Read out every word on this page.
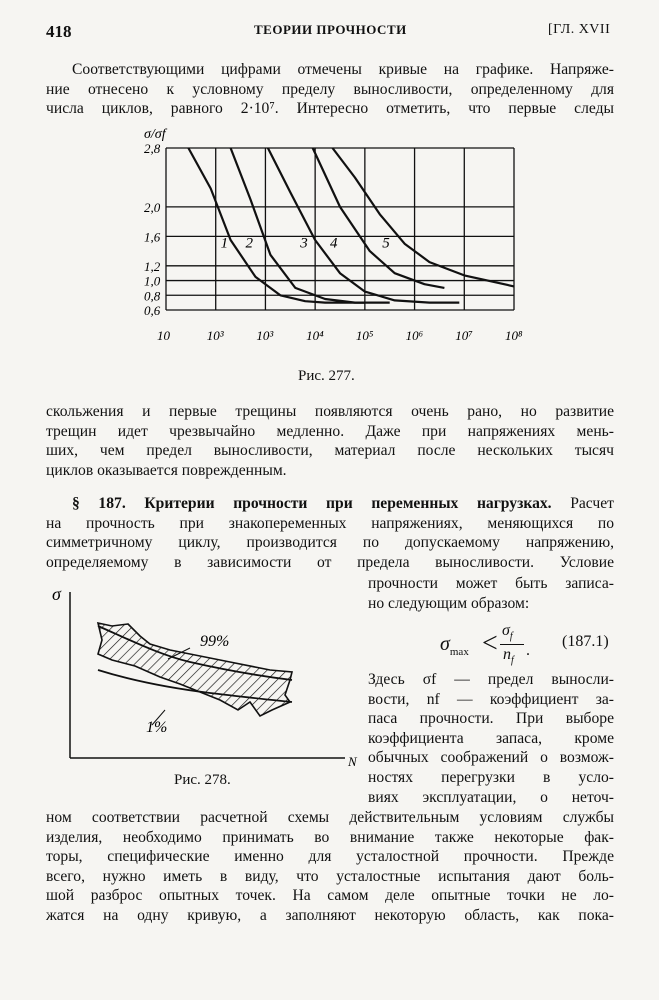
418	ТЕОРИИ ПРОЧНОСТИ	[ГЛ. XVII
Соответствующими цифрами отмечены кривые на графике. Напряже-
ние отнесено к условному пределу выносливости, определенному для
числа циклов, равного 2·10⁷. Интересно отметить, что первые следы
2,8
2,0
1,6
1,2
1,0
0,8
0,6
10	10³	10³	10⁴ 10⁵ 10⁶ 10⁷ 10⁸
σ/σf
1 2	3 4	5
Рис. 277.
скольжения и первые трещины появляются очень рано, но развитие
трещин идет чрезвычайно медленно. Даже при напряжениях мень-
ших, чем предел выносливости, материал после нескольких тысяч
циклов оказывается поврежденным.
§ 187. Критерии прочности при переменных нагрузках. Расчет
на прочность при знакопеременных напряжениях, меняющихся по
симметричному циклу, производится по допускаемому напряжению,
определяемому в зависимости от предела выносливости. Условие
σ
N
99%
1%
Рис. 278.
прочности может быть записа-
но следующим образом:
$\sigma_{max} < \sigma_f$
$n_f$
.
(187.1)
Здесь σf — предел выносли-
вости, nf — коэффициент за-
паса прочности. При выборе
коэффициента запаса, кроме
обычных соображений о возмож-
ностях перегрузки в усло-
виях эксплуатации, о неточ-
ном соответствии расчетной схемы действительным условиям службы
изделия, необходимо принимать во внимание также некоторые фак-
торы, специфические именно для усталостной прочности. Прежде
всего, нужно иметь в виду, что усталостные испытания дают боль-
шой разброс опытных точек. На самом деле опытные точки не ло-
жатся на одну кривую, а заполняют некоторую область, как пока-
